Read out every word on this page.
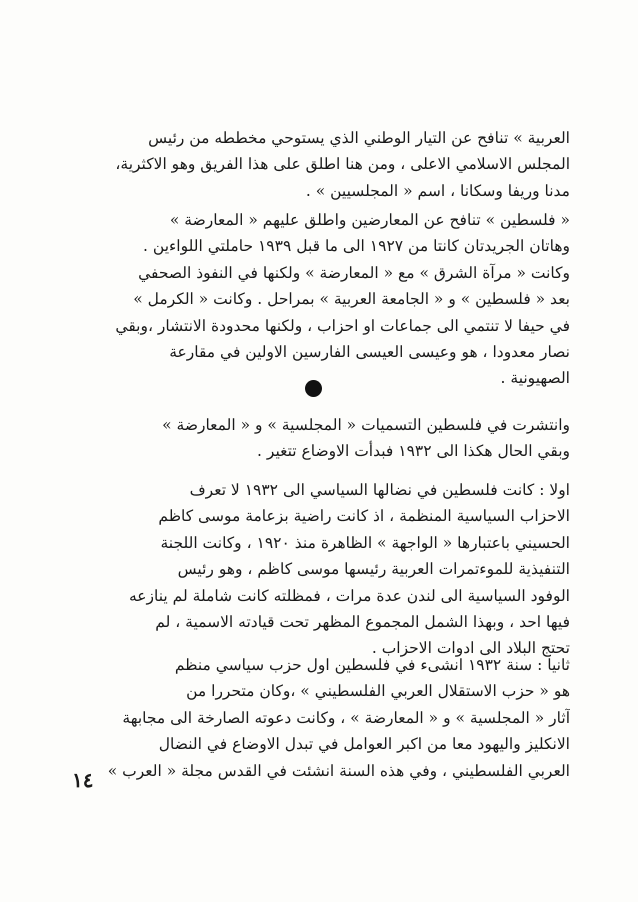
العربية » تنافح عن التيار الوطني الذي يستوحي مخططه من رئيس
المجلس الاسلامي الاعلى ، ومن هنا اطلق على هذا الفريق وهو الاكثرية،
مدنا وريفا وسكانا ، اسم « المجلسيين » .
« فلسطين » تنافح عن المعارضين واطلق عليهم « المعارضة »
وهاتان الجريدتان كانتا من ١٩٢٧ الى ما قبل ١٩٣٩ حاملتي اللواءين .
وكانت « مرآة الشرق » مع « المعارضة » ولكنها في النفوذ الصحفي
بعد « فلسطين » و « الجامعة العربية » بمراحل . وكانت « الكرمل »
في حيفا لا تنتمي الى جماعات او احزاب ، ولكنها محدودة الانتشار ،وبقي
نصار معدودا ، هو وعيسى العيسى الفارسين الاولين في مقارعة
الصهيونية .
وانتشرت في فلسطين التسميات « المجلسية » و « المعارضة »
وبقي الحال هكذا الى ١٩٣٢ فبدأت الاوضاع تتغير .
اولا : كانت فلسطين في نضالها السياسي الى ١٩٣٢ لا تعرف
الاحزاب السياسية المنظمة ، اذ كانت راضية بزعامة موسى كاظم
الحسيني باعتبارها « الواجهة » الظاهرة منذ ١٩٢٠ ، وكانت اللجنة
التنفيذية للموءتمرات العربية رئيسها موسى كاظم ، وهو رئيس
الوفود السياسية الى لندن عدة مرات ، فمظلته كانت شاملة لم ينازعه
فيها احد ، وبهذا الشمل المجموع المظهر تحت قيادته الاسمية ، لم
تحتج البلاد الى ادوات الاحزاب .
ثانيا : سنة ١٩٣٢ انشىء في فلسطين اول حزب سياسي منظم
هو « حزب الاستقلال العربي الفلسطيني » ،وكان متحررا من
آثار « المجلسية » و « المعارضة » ، وكانت دعوته الصارخة الى مجابهة
الانكليز واليهود معا من اكبر العوامل في تبدل الاوضاع في النضال
العربي الفلسطيني ، وفي هذه السنة انشئت في القدس مجلة « العرب »
١٤
